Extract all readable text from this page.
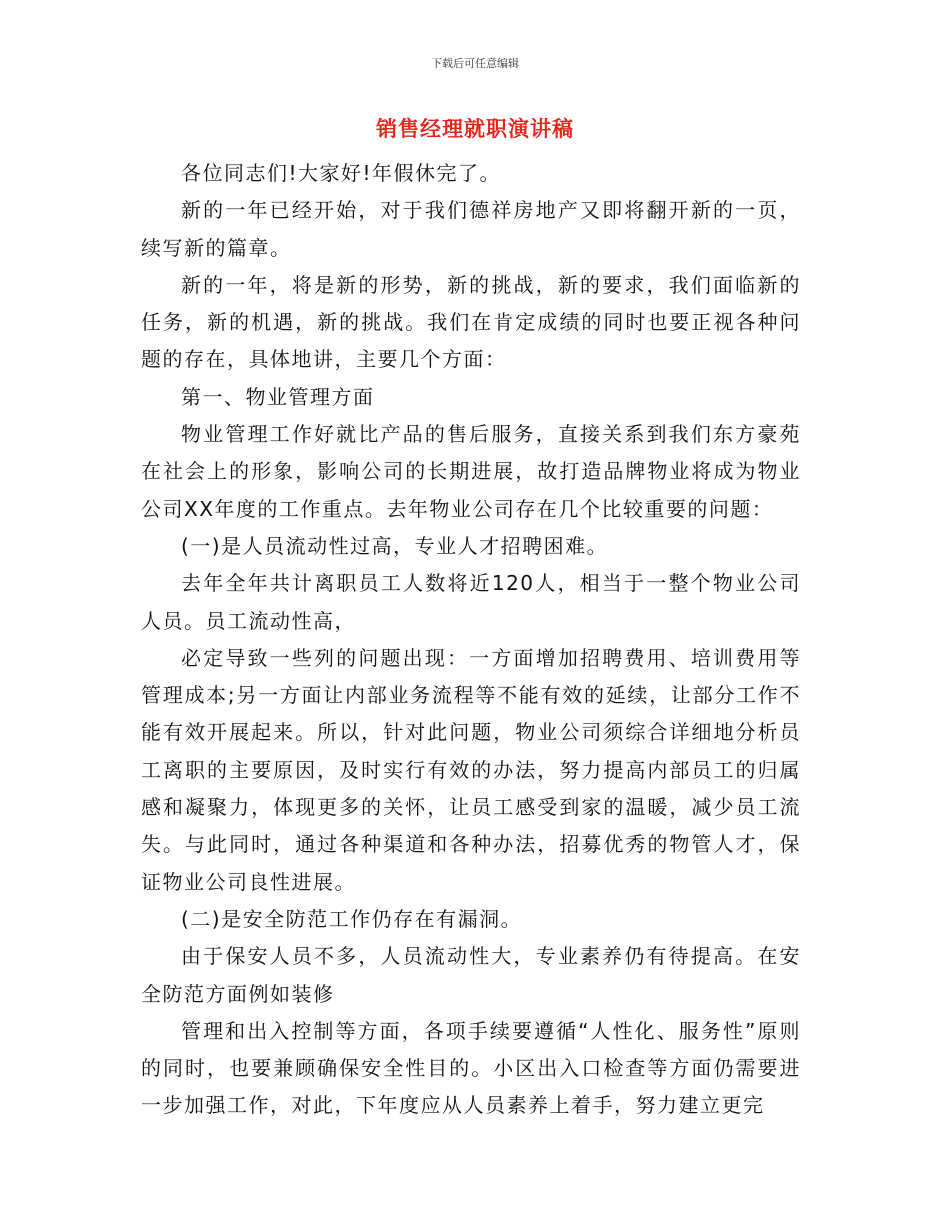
下载后可任意编辑
销售经理就职演讲稿

各位同志们!大家好!年假休完了。

新的一年已经开始，对于我们德祥房地产又即将翻开新的一页，续写新的篇章。

新的一年，将是新的形势，新的挑战，新的要求，我们面临新的任务，新的机遇，新的挑战。我们在肯定成绩的同时也要正视各种问题的存在，具体地讲，主要几个方面：

第一、物业管理方面

物业管理工作好就比产品的售后服务，直接关系到我们东方豪苑在社会上的形象，影响公司的长期进展，故打造品牌物业将成为物业公司XX年度的工作重点。去年物业公司存在几个比较重要的问题：

(一)是人员流动性过高，专业人才招聘困难。

去年全年共计离职员工人数将近120人，相当于一整个物业公司人员。员工流动性高，

必定导致一些列的问题出现：一方面增加招聘费用、培训费用等管理成本;另一方面让内部业务流程等不能有效的延续，让部分工作不能有效开展起来。所以，针对此问题，物业公司须综合详细地分析员工离职的主要原因，及时实行有效的办法，努力提高内部员工的归属感和凝聚力，体现更多的关怀，让员工感受到家的温暖，减少员工流失。与此同时，通过各种渠道和各种办法，招募优秀的物管人才，保证物业公司良性进展。

(二)是安全防范工作仍存在有漏洞。

由于保安人员不多，人员流动性大，专业素养仍有待提高。在安全防范方面例如装修

管理和出入控制等方面，各项手续要遵循“人性化、服务性”原则的同时，也要兼顾确保安全性目的。小区出入口检查等方面仍需要进一步加强工作，对此，下年度应从人员素养上着手，努力建立更完
